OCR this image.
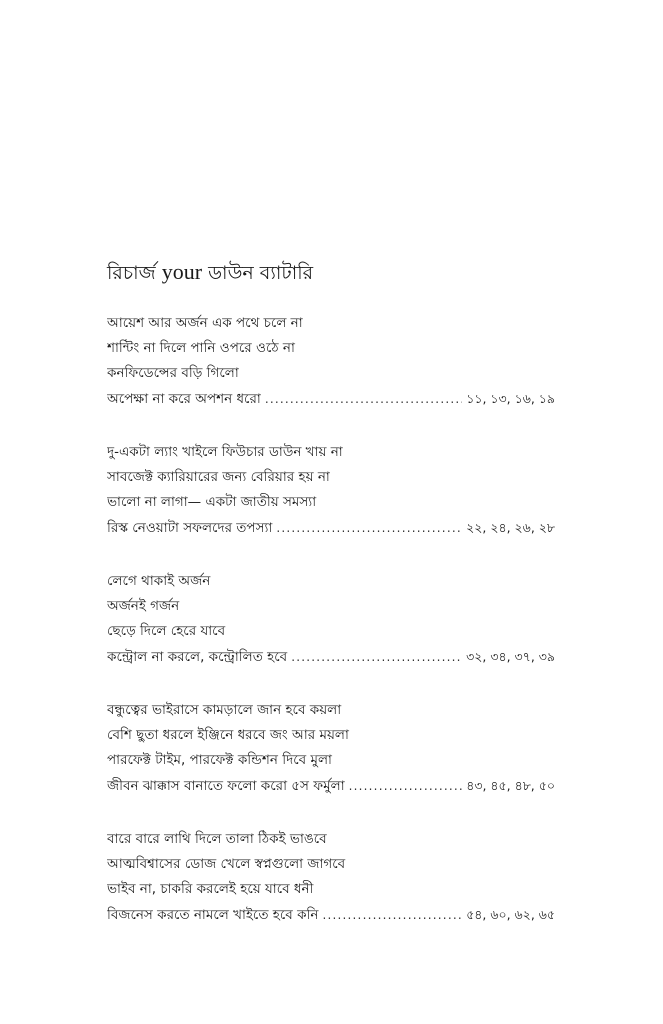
রিচার্জ your ডাউন ব্যাটারি
আয়েশ আর অর্জন এক পথে চলে না
শান্টিং না দিলে পানি ওপরে ওঠে না
কনফিডেন্সের বড়ি গিলো
অপেক্ষা না করে অপশন ধরো .....	১১, ১৩, ১৬, ১৯
দু-একটা ল্যাং খাইলে ফিউচার ডাউন খায় না
সাবজেক্ট ক্যারিয়ারের জন্য বেরিয়ার হয় না
ভালো না লাগা— একটা জাতীয় সমস্যা
রিস্ক নেওয়াটা সফলদের তপস্যা .....	২২, ২৪, ২৬, ২৮
লেগে থাকাই অর্জন
অর্জনই গর্জন
ছেড়ে দিলে হেরে যাবে
কন্ট্রোল না করলে, কন্ট্রোলিত হবে .....	৩২, ৩৪, ৩৭, ৩৯
বন্ধুত্বের ভাইরাসে কামড়ালে জান হবে কয়লা
বেশি ছুতা ধরলে ইঞ্জিনে ধরবে জং আর ময়লা
পারফেক্ট টাইম, পারফেক্ট কন্ডিশন দিবে মুলা
জীবন ঝাক্কাস বানাতে ফলো করো ৫স ফর্মুলা .....	৪৩, ৪৫, ৪৮, ৫০
বারে বারে লাথি দিলে তালা ঠিকই ভাঙবে
আত্মবিশ্বাসের ডোজ খেলে স্বপ্নগুলো জাগবে
ভাইব না, চাকরি করলেই হয়ে যাবে ধনী
বিজনেস করতে নামলে খাইতে হবে কনি .....	৫৪, ৬০, ৬২, ৬৫
